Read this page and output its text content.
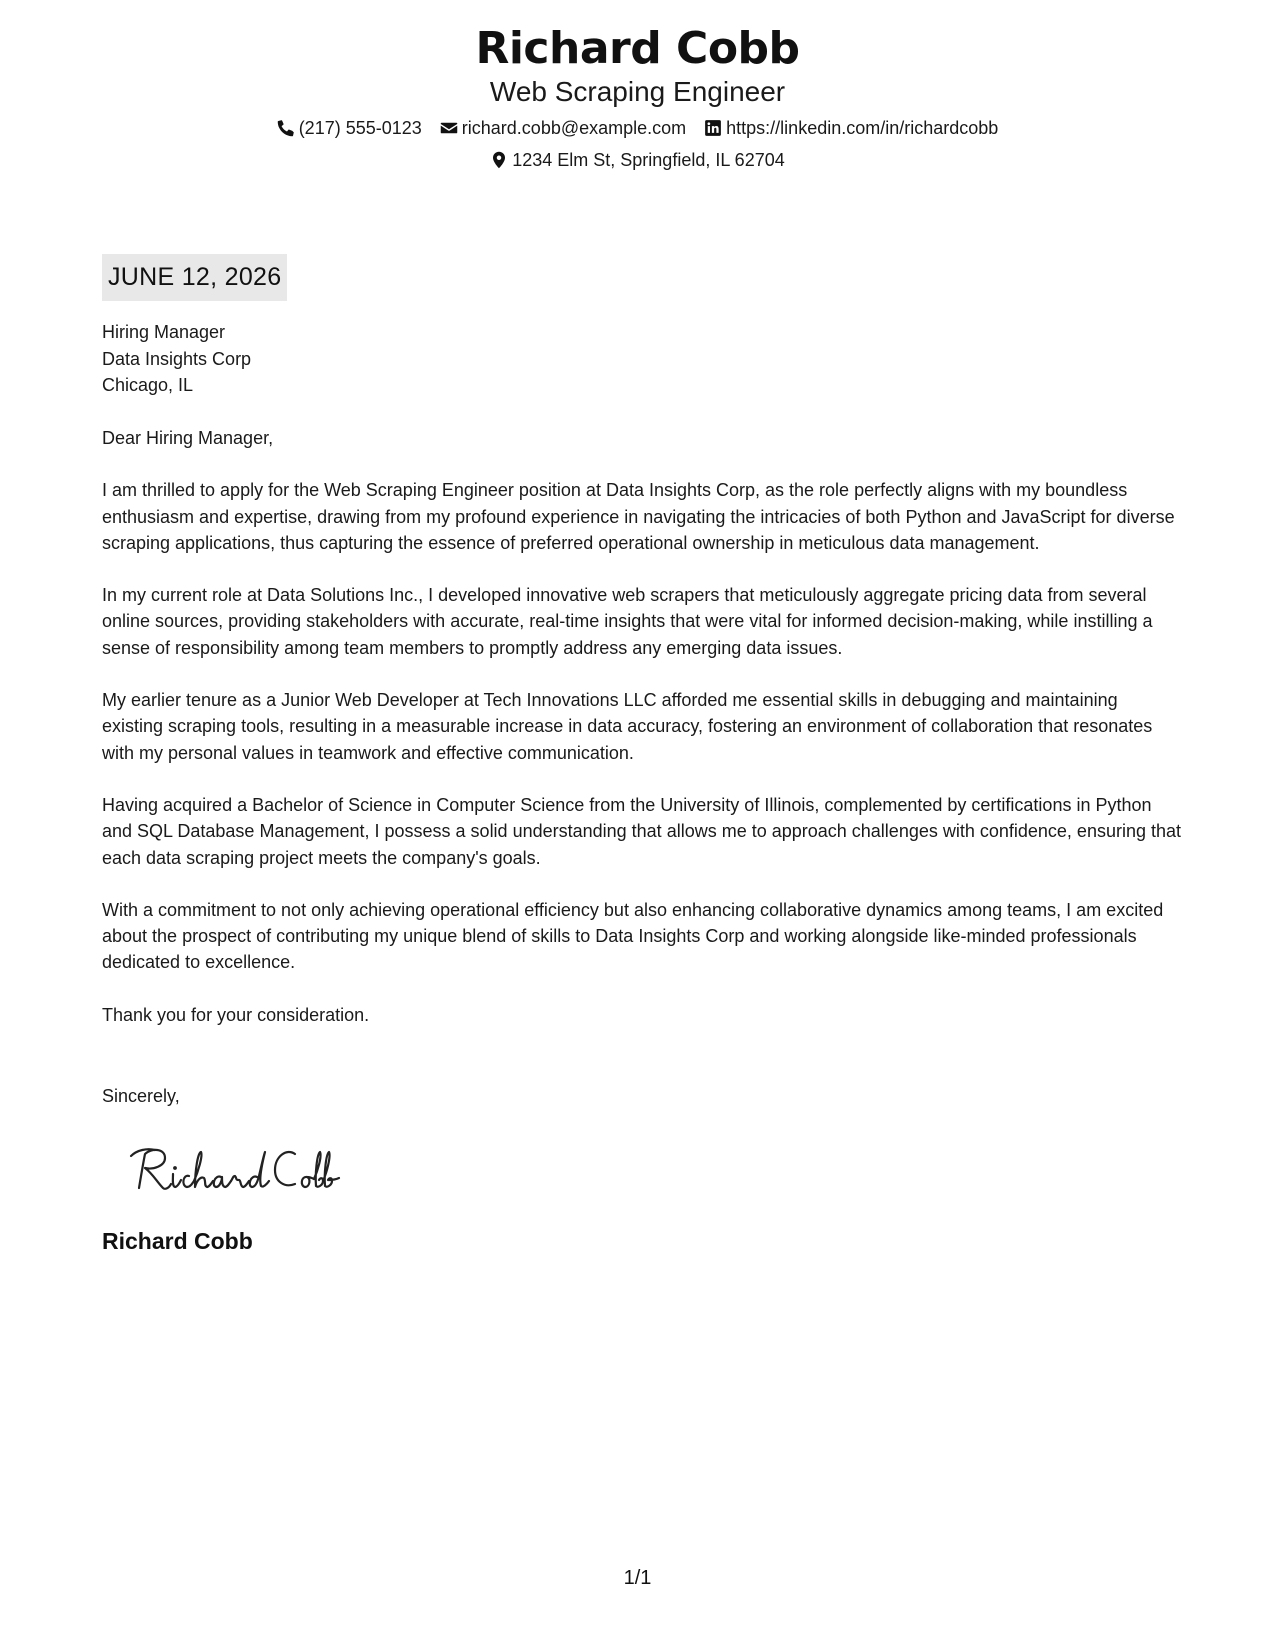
Richard Cobb
Web Scraping Engineer
(217) 555-0123 richard.cobb@example.com https://linkedin.com/in/richardcobb
1234 Elm St, Springfield, IL 62704
JUNE 12, 2026
Hiring Manager
Data Insights Corp
Chicago, IL

Dear Hiring Manager,

I am thrilled to apply for the Web Scraping Engineer position at Data Insights Corp, as the role perfectly aligns with my boundless enthusiasm and expertise, drawing from my profound experience in navigating the intricacies of both Python and JavaScript for diverse scraping applications, thus capturing the essence of preferred operational ownership in meticulous data management.

In my current role at Data Solutions Inc., I developed innovative web scrapers that meticulously aggregate pricing data from several online sources, providing stakeholders with accurate, real-time insights that were vital for informed decision-making, while instilling a sense of responsibility among team members to promptly address any emerging data issues.

My earlier tenure as a Junior Web Developer at Tech Innovations LLC afforded me essential skills in debugging and maintaining existing scraping tools, resulting in a measurable increase in data accuracy, fostering an environment of collaboration that resonates with my personal values in teamwork and effective communication.

Having acquired a Bachelor of Science in Computer Science from the University of Illinois, complemented by certifications in Python and SQL Database Management, I possess a solid understanding that allows me to approach challenges with confidence, ensuring that each data scraping project meets the company's goals.

With a commitment to not only achieving operational efficiency but also enhancing collaborative dynamics among teams, I am excited about the prospect of contributing my unique blend of skills to Data Insights Corp and working alongside like-minded professionals dedicated to excellence.

Thank you for your consideration.

Sincerely,
Richard Cobb
1/1
